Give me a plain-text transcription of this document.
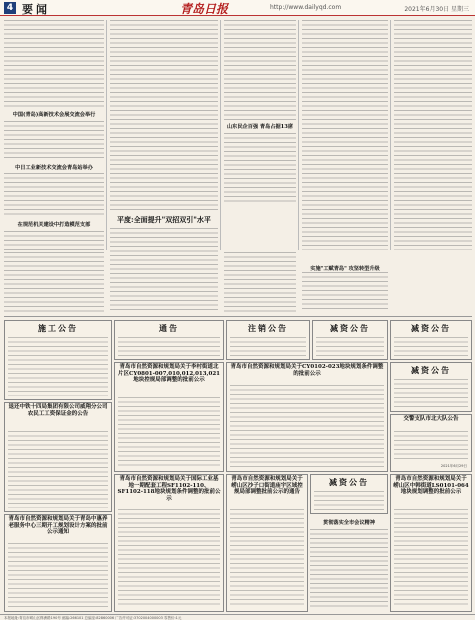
4 要闻	青岛日报	http://www.dailyqd.com	2021年6月30日 星期三
中国(青岛)高新技术会展交流会举行
中日工业新技术交流会青岛站举办
在规范机关建设中打造模范支部
山东民企百强 青岛占据13席
平度:全面提升"双招双引"水平
实施"工赋青岛" 攻坚转型升级
施工公告	通告	注销公告	减资公告	减资公告
青岛市自然资源和规划局关于李村街道北片区CY0801-007,010,012,013,021地块控规局部调整的批前公示
青岛市自然资源和规划局关于CY0102-023地块规划条件调整的批前公示	减资公告
交警支队市北大队公告
2021年6月29日
退还中铁十四局集团有限公司威翔分公司农民工工资保证金的公告
青岛市自然资源和规划局关于青岛中惠养老服务中心三期开工规划设计方案的批前公示通知
青岛市自然资源和规划局关于国际工业基地一期配套工程SF1102-110、SF1102-118地块规划条件调整的批前公示
青岛市自然资源和规划局关于崂山区沙子口街道庙宇区域控规局部调整批前公示的通告
减资公告	青岛市自然资源和规划局关于崂山区中韩街道LS0101-064地块规划调整的批前公示
贯彻落实全市会议精神
本报地址:青岛市崂山区株洲路190号 邮编:266101 总编室:82860006 广告许可证:3702004000003 零售价:1元
